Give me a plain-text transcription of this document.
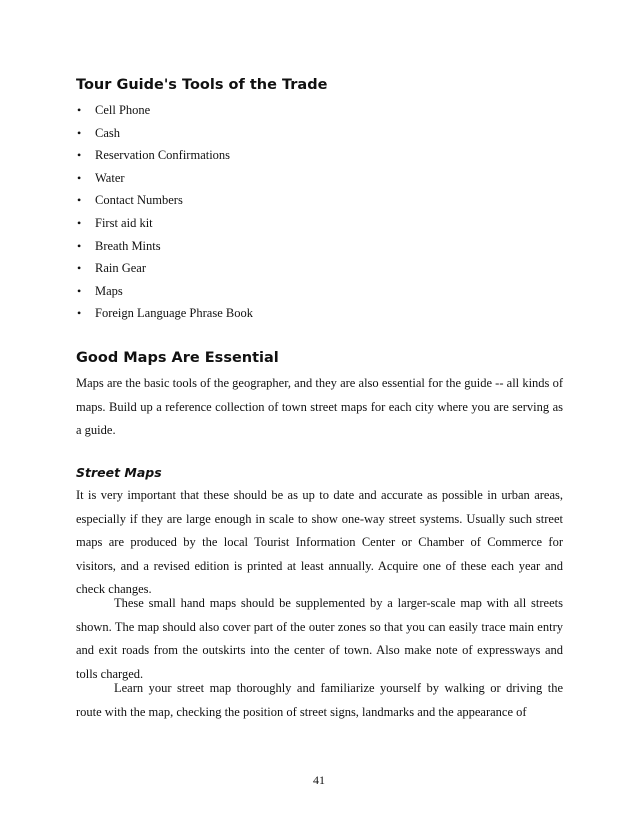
Tour Guide's Tools of the Trade
• Cell Phone
• Cash
• Reservation Confirmations
• Water
• Contact Numbers
• First aid kit
• Breath Mints
• Rain Gear
• Maps
• Foreign Language Phrase Book
Good Maps Are Essential

Maps are the basic tools of the geographer, and they are also essential for the guide -- all kinds of maps. Build up a reference collection of town street maps for each city where you are serving as a guide.

Street Maps

It is very important that these should be as up to date and accurate as possible in urban areas, especially if they are large enough in scale to show one-way street systems. Usually such street maps are produced by the local Tourist Information Center or Chamber of Commerce for visitors, and a revised edition is printed at least annually. Acquire one of these each year and check changes.

These small hand maps should be supplemented by a larger-scale map with all streets shown. The map should also cover part of the outer zones so that you can easily trace main entry and exit roads from the outskirts into the center of town. Also make note of expressways and tolls charged.

Learn your street map thoroughly and familiarize yourself by walking or driving the route with the map, checking the position of street signs, landmarks and the appearance of

41
